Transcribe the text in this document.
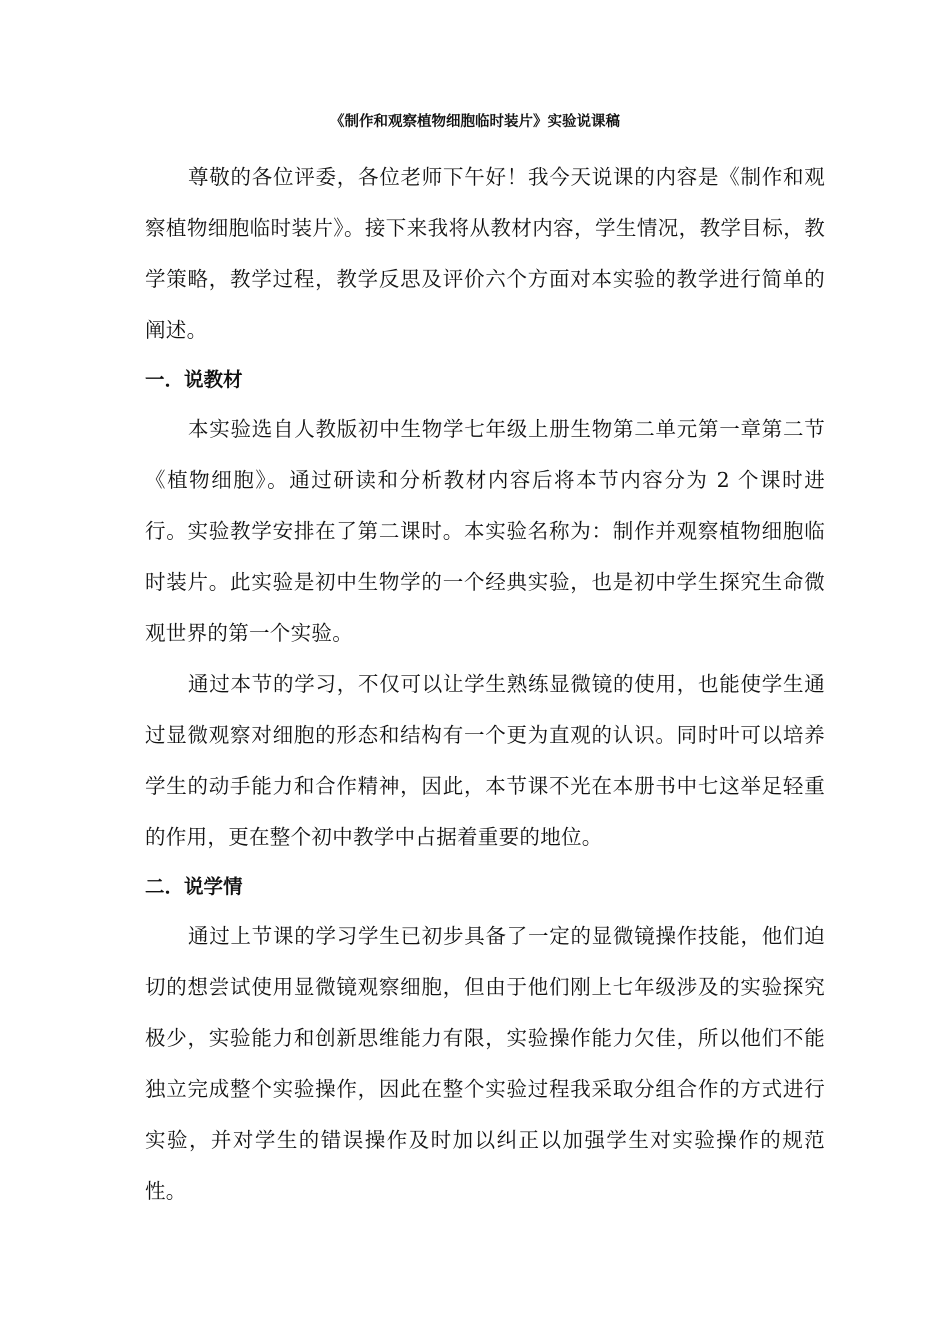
《制作和观察植物细胞临时装片》实验说课稿

尊敬的各位评委，各位老师下午好！我今天说课的内容是《制作和观察植物细胞临时装片》。接下来我将从教材内容，学生情况，教学目标，教学策略，教学过程，教学反思及评价六个方面对本实验的教学进行简单的阐述。

一．说教材

本实验选自人教版初中生物学七年级上册生物第二单元第一章第二节《植物细胞》。通过研读和分析教材内容后将本节内容分为 2 个课时进行。实验教学安排在了第二课时。本实验名称为：制作并观察植物细胞临时装片。此实验是初中生物学的一个经典实验，也是初中学生探究生命微观世界的第一个实验。

通过本节的学习，不仅可以让学生熟练显微镜的使用，也能使学生通过显微观察对细胞的形态和结构有一个更为直观的认识。同时叶可以培养学生的动手能力和合作精神，因此，本节课不光在本册书中七这举足轻重的作用，更在整个初中教学中占据着重要的地位。

二．说学情

通过上节课的学习学生已初步具备了一定的显微镜操作技能，他们迫切的想尝试使用显微镜观察细胞，但由于他们刚上七年级涉及的实验探究极少，实验能力和创新思维能力有限，实验操作能力欠佳，所以他们不能独立完成整个实验操作，因此在整个实验过程我采取分组合作的方式进行实验，并对学生的错误操作及时加以纠正以加强学生对实验操作的规范性。
